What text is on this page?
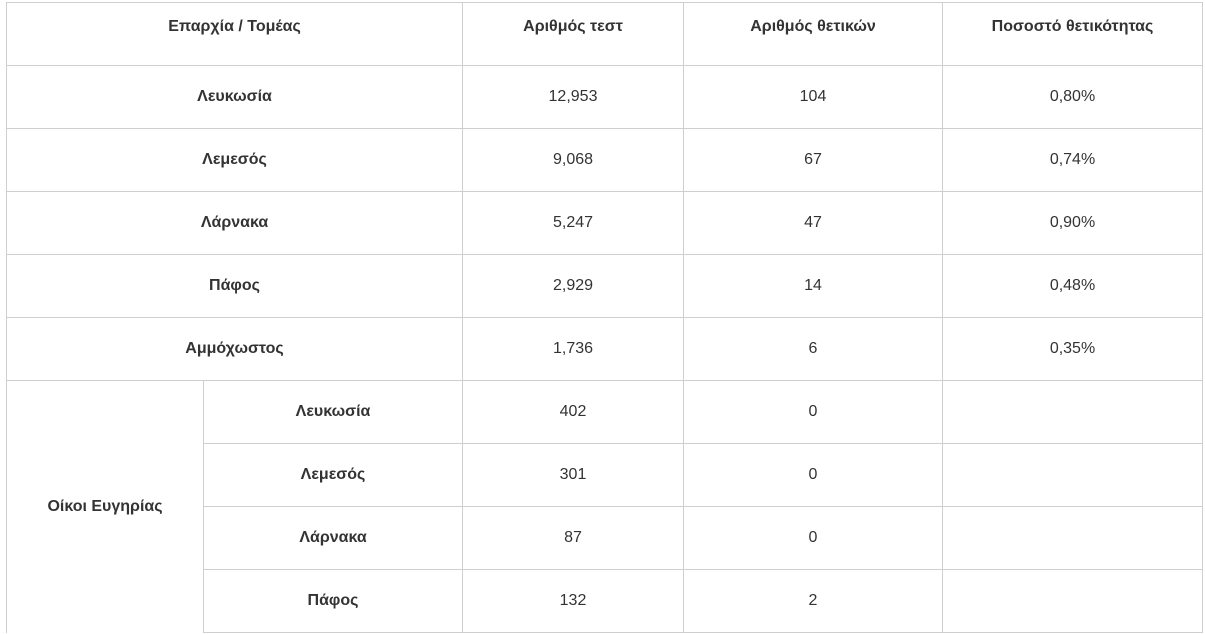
Επαρχία / Τομέας		Αριθμός τεστ	Αριθμός θετικών	Ποσοστό θετικότητας
Λευκωσία		12,953	104	0,80%
Λεμεσός		9,068	67	0,74%
Λάρνακα		5,247	47	0,90%
Πάφος		2,929	14	0,48%
Αμμόχωστος		1,736	6	0,35%
Οίκοι Ευγηρίας	Λευκωσία	402	0	
	Λεμεσός	301	0	
	Λάρνακα	87	0	
	Πάφος	132	2	
